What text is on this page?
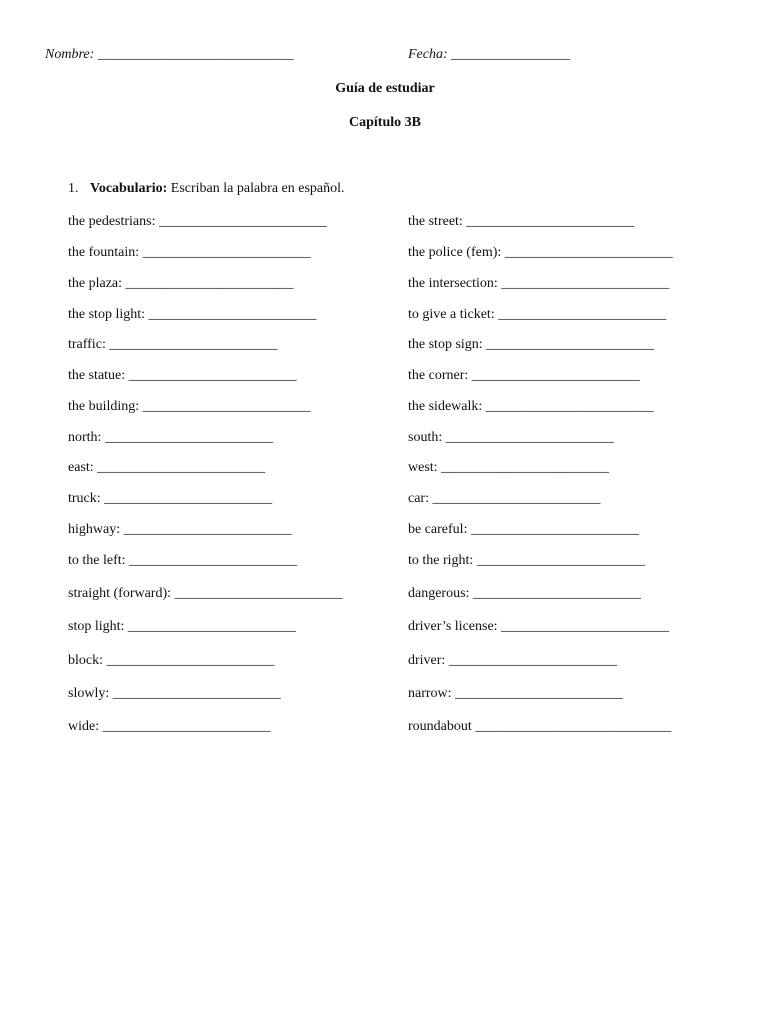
Nombre: ____________________________	Fecha: _________________
Guía de estudiar
Capítulo 3B
1. Vocabulario: Escriban la palabra en español.
the pedestrians: ________________________
the fountain: ________________________
the plaza: ________________________
the stop light: ________________________
traffic: ________________________
the statue: ________________________
the building: ________________________
north: ________________________
east: ________________________
truck: ________________________
highway: ________________________
to the left: ________________________
straight (forward): ________________________
stop light: ________________________
block: ________________________
slowly: ________________________
wide: ________________________
the street: ________________________
the police (fem): ________________________
the intersection: ________________________
to give a ticket: ________________________
the stop sign: ________________________
the corner: ________________________
the sidewalk: ________________________
south: ________________________
west: ________________________
car: ________________________
be careful: ________________________
to the right: ________________________
dangerous: ________________________
driver’s license: ________________________
driver: ________________________
narrow: ________________________
roundabout ____________________________
